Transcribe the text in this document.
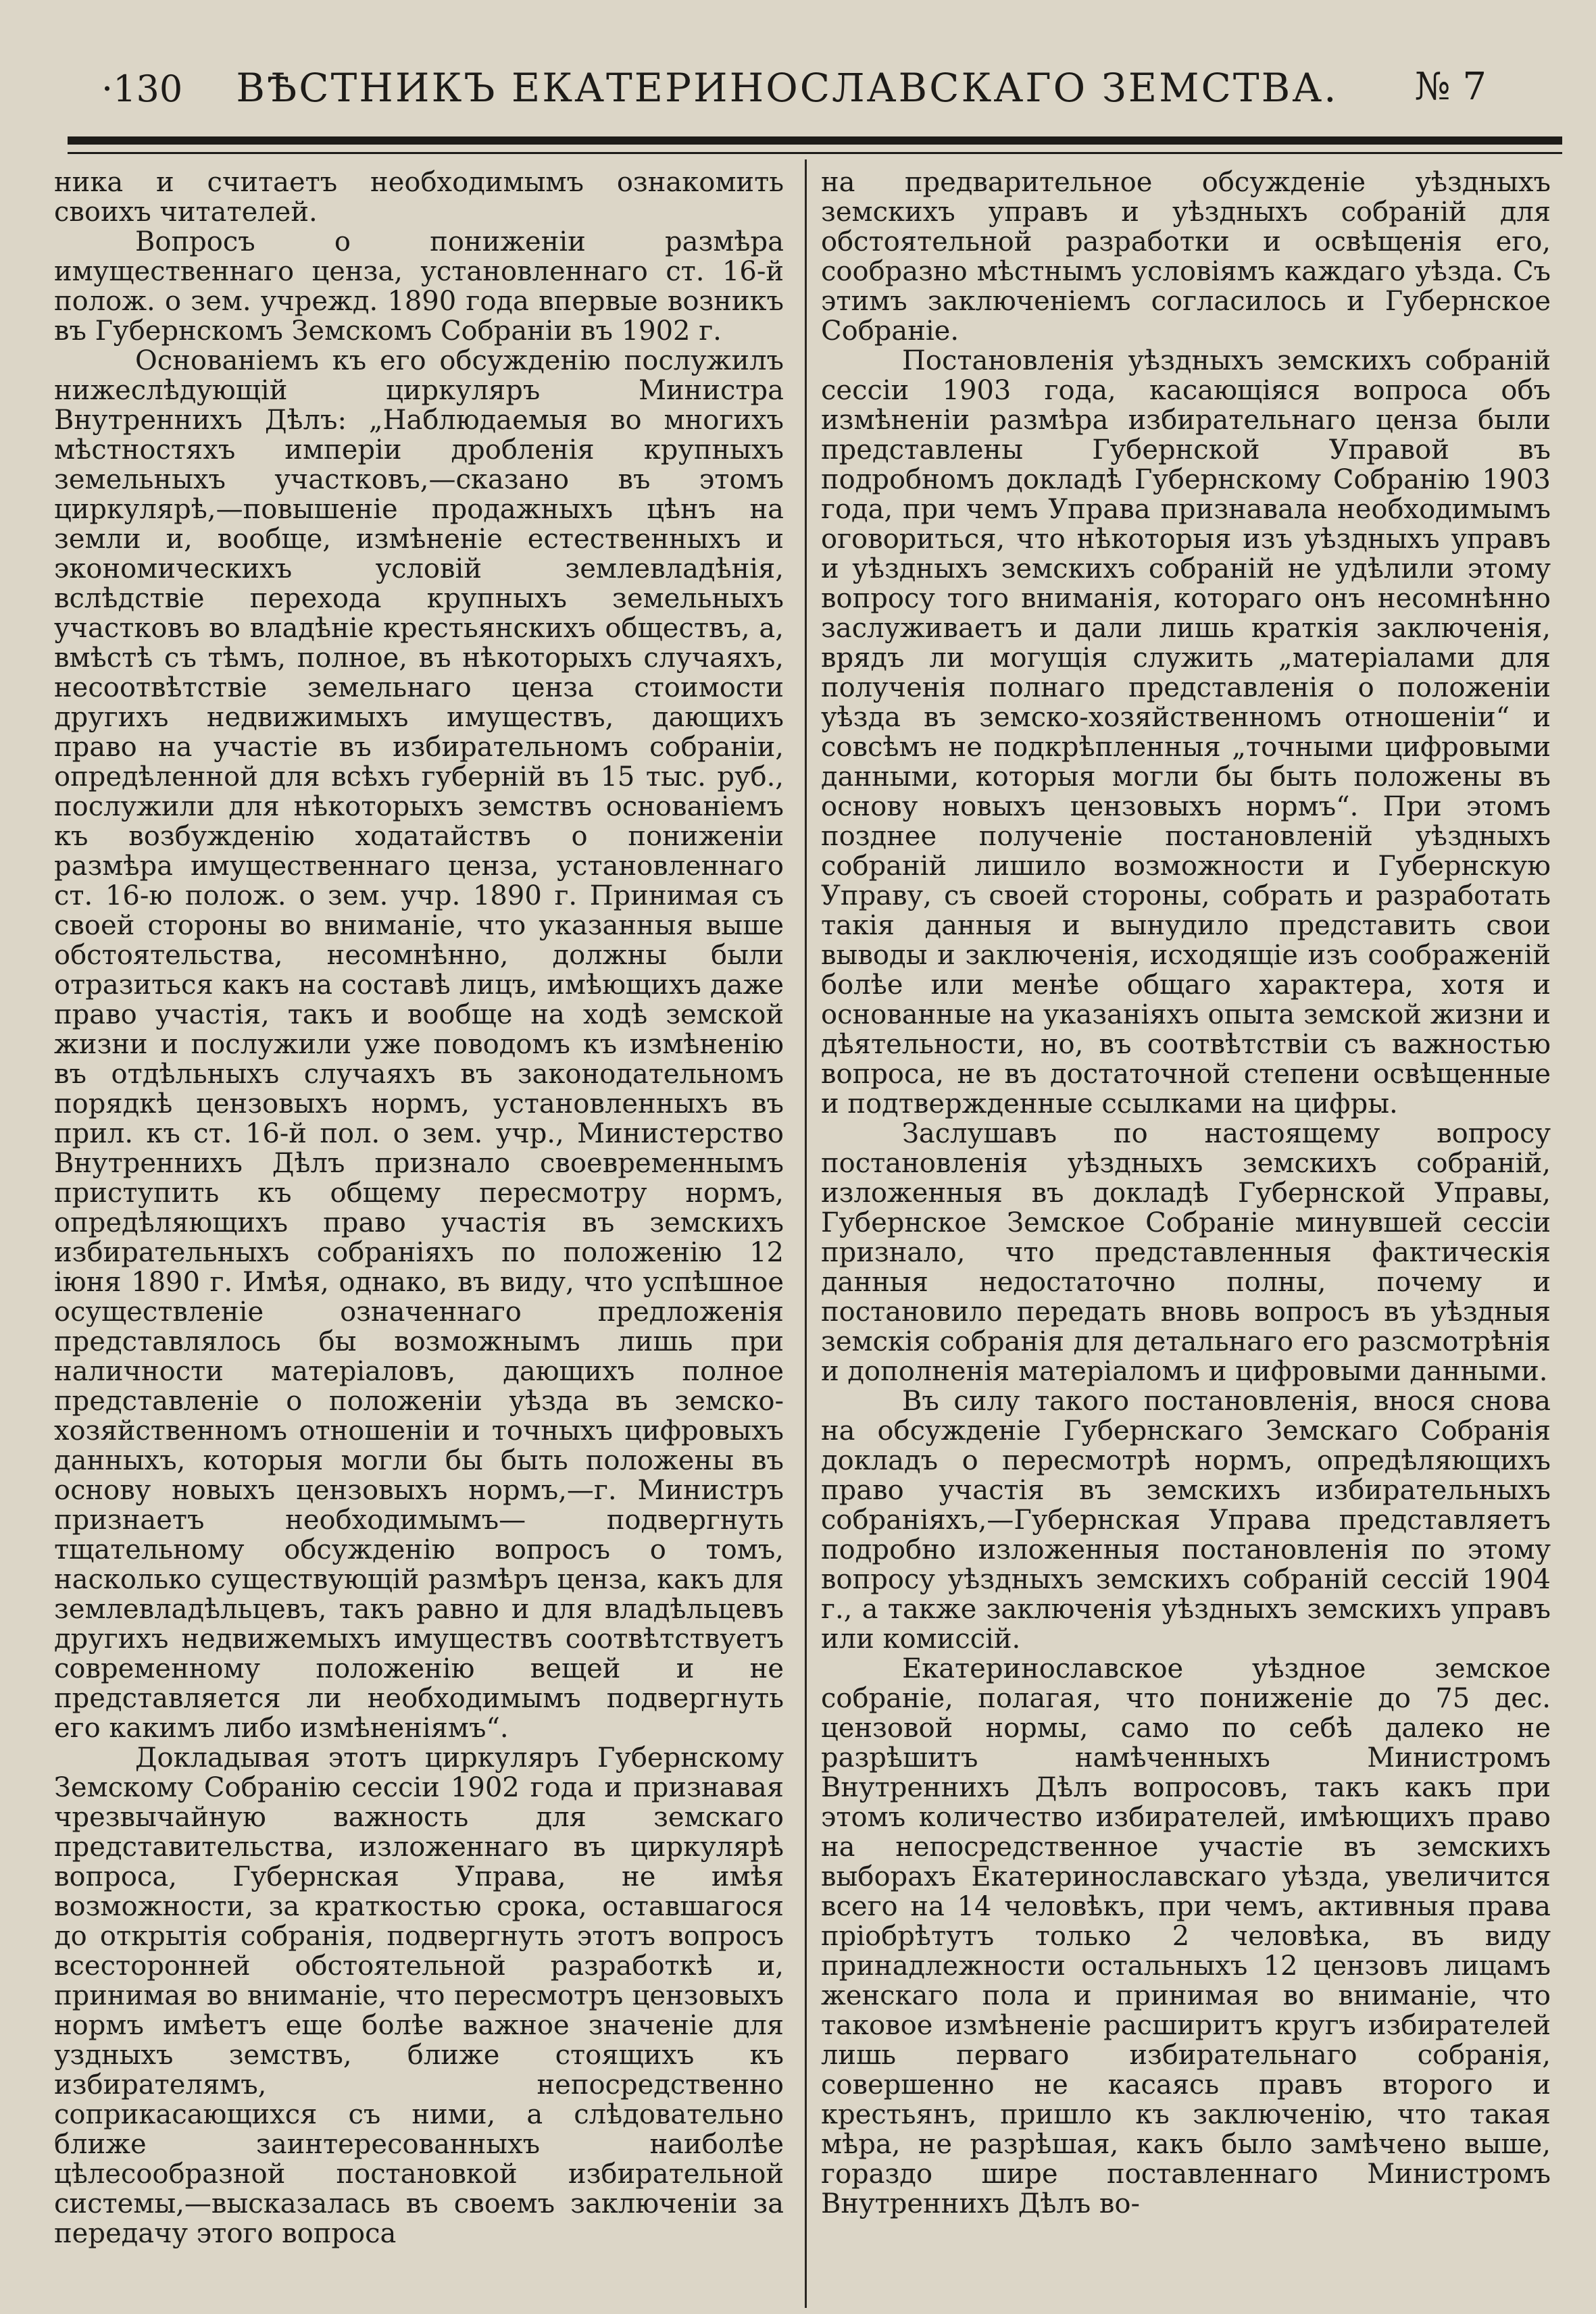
·130	ВѢСТНИКЪ ЕКАТЕРИНОСЛАВСКАГО ЗЕМСТВА.	№ 7

ника и считаетъ необходимымъ ознакомить своихъ читателей.

Вопросъ о пониженіи размѣра имущественнаго ценза, установленнаго ст. 16-й полож. о зем. учрежд. 1890 года впервые возникъ въ Губернскомъ Земскомъ Собраніи въ 1902 г.

Основаніемъ къ его обсужденію послужилъ нижеслѣдующій циркуляръ Министра Внутреннихъ Дѣлъ: „Наблюдаемыя во многихъ мѣстностяхъ имперіи дробленія крупныхъ земельныхъ участковъ,—сказано въ этомъ циркулярѣ,—повышеніе продажныхъ цѣнъ на земли и, вообще, измѣненіе естественныхъ и экономическихъ условій землевладѣнія, вслѣдствіе перехода крупныхъ земельныхъ участковъ во владѣніе крестьянскихъ обществъ, а, вмѣстѣ съ тѣмъ, полное, въ нѣкоторыхъ случаяхъ, несоотвѣтствіе земельнаго ценза стоимости другихъ недвижимыхъ имуществъ, дающихъ право на участіе въ избирательномъ собраніи, опредѣленной для всѣхъ губерній въ 15 тыс. руб., послужили для нѣкоторыхъ земствъ основаніемъ къ возбужденію ходатайствъ о пониженіи размѣра имущественнаго ценза, установленнаго ст. 16-ю полож. о зем. учр. 1890 г. Принимая съ своей стороны во вниманіе, что указанныя выше обстоятельства, несомнѣнно, должны были отразиться какъ на составѣ лицъ, имѣющихъ даже право участія, такъ и вообще на ходѣ земской жизни и послужили уже поводомъ къ измѣненію въ отдѣльныхъ случаяхъ въ законодательномъ порядкѣ цензовыхъ нормъ, установленныхъ въ прил. къ ст. 16-й пол. о зем. учр., Министерство Внутреннихъ Дѣлъ признало своевременнымъ приступить къ общему пересмотру нормъ, опредѣляющихъ право участія въ земскихъ избирательныхъ собраніяхъ по положенію 12 іюня 1890 г. Имѣя, однако, въ виду, что успѣшное осуществленіе означеннаго предложенія представлялось бы возможнымъ лишь при наличности матеріаловъ, дающихъ полное представленіе о положеніи уѣзда въ земско-хозяйственномъ отношеніи и точныхъ цифровыхъ данныхъ, которыя могли бы быть положены въ основу новыхъ цензовыхъ нормъ,—г. Министръ признаетъ необходимымъ— подвергнуть тщательному обсужденію вопросъ о томъ, насколько существующій размѣръ ценза, какъ для землевладѣльцевъ, такъ равно и для владѣльцевъ другихъ недвижемыхъ имуществъ соотвѣтствуетъ современному положенію вещей и не представляется ли необходимымъ подвергнуть его какимъ либо измѣненіямъ“.

Докладывая этотъ циркуляръ Губернскому Земскому Собранію сессіи 1902 года и признавая чрезвычайную важность для земскаго представительства, изложеннаго въ циркулярѣ вопроса, Губернская Управа, не имѣя возможности, за краткостью срока, оставшагося до открытія собранія, подвергнуть этотъ вопросъ всесторонней обстоятельной разработкѣ и, принимая во вниманіе, что пересмотръ цензовыхъ нормъ имѣетъ еще болѣе важное значеніе для уздныхъ земствъ, ближе стоящихъ къ избирателямъ, непосредственно соприкасающихся съ ними, а слѣдовательно ближе заинтересованныхъ наиболѣе цѣлесообразной постановкой избирательной системы,—высказалась въ своемъ заключеніи за передачу этого вопроса

на предварительное обсужденіе уѣздныхъ земскихъ управъ и уѣздныхъ собраній для обстоятельной разработки и освѣщенія его, сообразно мѣстнымъ условіямъ каждаго уѣзда. Съ этимъ заключеніемъ согласилось и Губернское Собраніе.

Постановленія уѣздныхъ земскихъ собраній сессіи 1903 года, касающіяся вопроса объ измѣненіи размѣра избирательнаго ценза были представлены Губернской Управой въ подробномъ докладѣ Губернскому Собранію 1903 года, при чемъ Управа признавала необходимымъ оговориться, что нѣкоторыя изъ уѣздныхъ управъ и уѣздныхъ земскихъ собраній не удѣлили этому вопросу того вниманія, котораго онъ несомнѣнно заслуживаетъ и дали лишь краткія заключенія, врядъ ли могущія служить „матеріалами для полученія полнаго представленія о положеніи уѣзда въ земско-хозяйственномъ отношеніи“ и совсѣмъ не подкрѣпленныя „точными цифровыми данными, которыя могли бы быть положены въ основу новыхъ цензовыхъ нормъ“. При этомъ позднее полученіе постановленій уѣздныхъ собраній лишило возможности и Губернскую Управу, съ своей стороны, собрать и разработать такія данныя и вынудило представить свои выводы и заключенія, исходящіе изъ соображеній болѣе или менѣе общаго характера, хотя и основанные на указаніяхъ опыта земской жизни и дѣятельности, но, въ соотвѣтствіи съ важностью вопроса, не въ достаточной степени освѣщенные и подтвержденные ссылками на цифры.

Заслушавъ по настоящему вопросу постановленія уѣздныхъ земскихъ собраній, изложенныя въ докладѣ Губернской Управы, Губернское Земское Собраніе минувшей сессіи признало, что представленныя фактическія данныя недостаточно полны, почему и постановило передать вновь вопросъ въ уѣздныя земскія собранія для детальнаго его разсмотрѣнія и дополненія матеріаломъ и цифровыми данными.

Въ силу такого постановленія, внося снова на обсужденіе Губернскаго Земскаго Собранія докладъ о пересмотрѣ нормъ, опредѣляющихъ право участія въ земскихъ избирательныхъ собраніяхъ,—Губернская Управа представляетъ подробно изложенныя постановленія по этому вопросу уѣздныхъ земскихъ собраній сессій 1904 г., а также заключенія уѣздныхъ земскихъ управъ или комиссій.

Екатеринославское уѣздное земское собраніе, полагая, что пониженіе до 75 дес. цензовой нормы, само по себѣ далеко не разрѣшитъ намѣченныхъ Министромъ Внутреннихъ Дѣлъ вопросовъ, такъ какъ при этомъ количество избирателей, имѣющихъ право на непосредственное участіе въ земскихъ выборахъ Екатеринославскаго уѣзда, увеличится всего на 14 человѣкъ, при чемъ, активныя права пріобрѣтутъ только 2 человѣка, въ виду принадлежности остальныхъ 12 цензовъ лицамъ женскаго пола и принимая во вниманіе, что таковое измѣненіе расширитъ кругъ избирателей лишь перваго избирательнаго собранія, совершенно не касаясь правъ второго и крестьянъ, пришло къ заключенію, что такая мѣра, не разрѣшая, какъ было замѣчено выше, гораздо шире поставленнаго Министромъ Внутреннихъ Дѣлъ во-
